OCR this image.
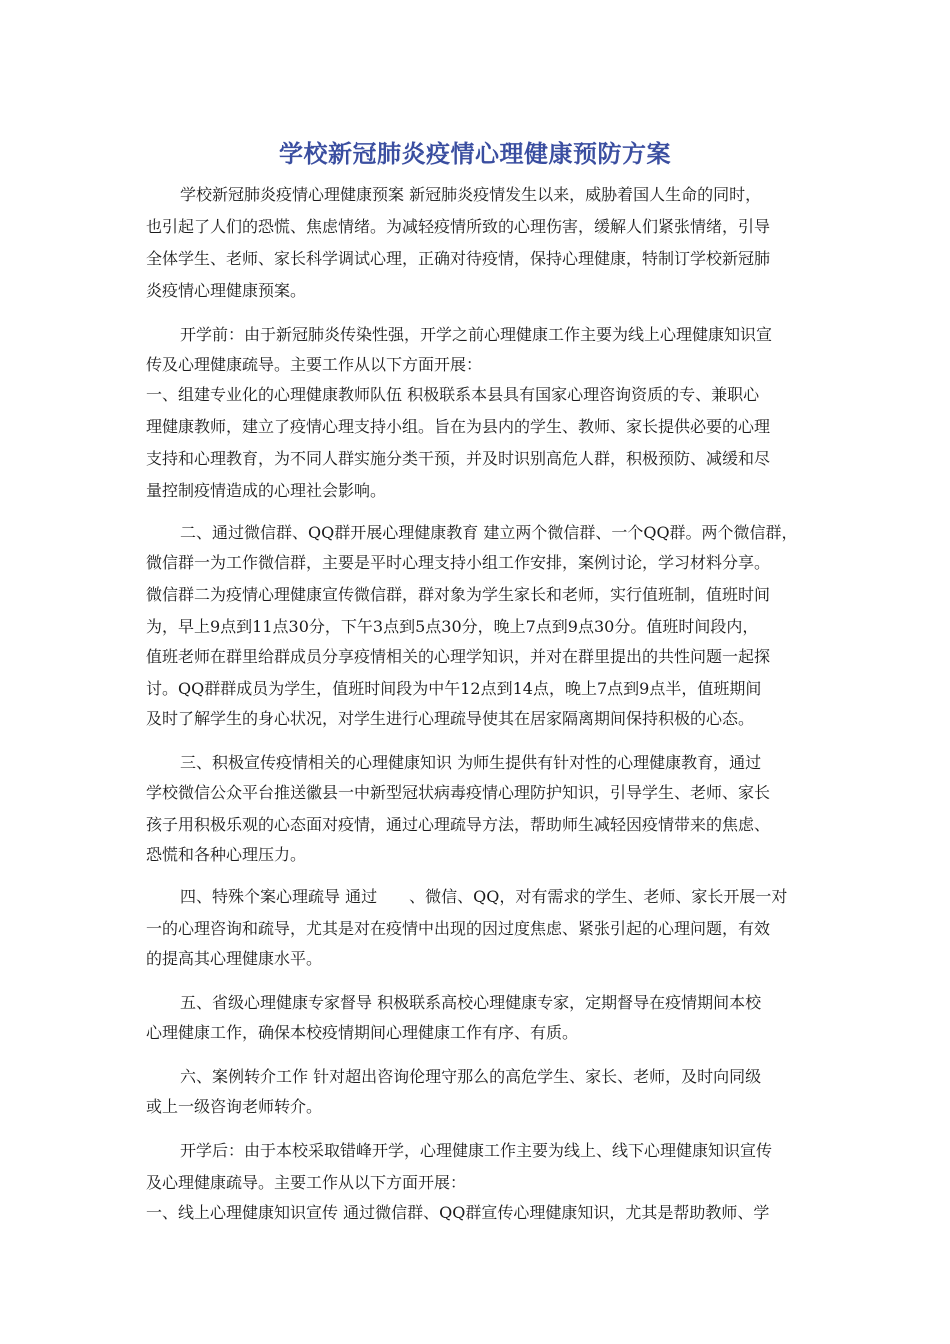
学校新冠肺炎疫情心理健康预防方案
学校新冠肺炎疫情心理健康预案 新冠肺炎疫情发生以来，威胁着国人生命的同时，
也引起了人们的恐慌、焦虑情绪。为减轻疫情所致的心理伤害，缓解人们紧张情绪，引导
全体学生、老师、家长科学调试心理，正确对待疫情，保持心理健康，特制订学校新冠肺
炎疫情心理健康预案。
开学前：由于新冠肺炎传染性强，开学之前心理健康工作主要为线上心理健康知识宣
传及心理健康疏导。主要工作从以下方面开展：
一、组建专业化的心理健康教师队伍 积极联系本县具有国家心理咨询资质的专、兼职心
理健康教师，建立了疫情心理支持小组。旨在为县内的学生、教师、家长提供必要的心理
支持和心理教育，为不同人群实施分类干预，并及时识别高危人群，积极预防、减缓和尽
量控制疫情造成的心理社会影响。
二、通过微信群、QQ群开展心理健康教育 建立两个微信群、一个QQ群。两个微信群，
微信群一为工作微信群，主要是平时心理支持小组工作安排，案例讨论，学习材料分享。
微信群二为疫情心理健康宣传微信群，群对象为学生家长和老师，实行值班制，值班时间
为，早上9点到11点30分，下午3点到5点30分，晚上7点到9点30分。值班时间段内，
值班老师在群里给群成员分享疫情相关的心理学知识，并对在群里提出的共性问题一起探
讨。QQ群群成员为学生，值班时间段为中午12点到14点，晚上7点到9点半，值班期间
及时了解学生的身心状况，对学生进行心理疏导使其在居家隔离期间保持积极的心态。
三、积极宣传疫情相关的心理健康知识 为师生提供有针对性的心理健康教育，通过
学校微信公众平台推送徽县一中新型冠状病毒疫情心理防护知识，引导学生、老师、家长
孩子用积极乐观的心态面对疫情，通过心理疏导方法，帮助师生减轻因疫情带来的焦虑、
恐慌和各种心理压力。
四、特殊个案心理疏导 通过　　、微信、QQ，对有需求的学生、老师、家长开展一对
一的心理咨询和疏导，尤其是对在疫情中出现的因过度焦虑、紧张引起的心理问题，有效
的提高其心理健康水平。
五、省级心理健康专家督导 积极联系高校心理健康专家，定期督导在疫情期间本校
心理健康工作，确保本校疫情期间心理健康工作有序、有质。
六、案例转介工作 针对超出咨询伦理守那么的高危学生、家长、老师，及时向同级
或上一级咨询老师转介。
开学后：由于本校采取错峰开学，心理健康工作主要为线上、线下心理健康知识宣传
及心理健康疏导。主要工作从以下方面开展：
一、线上心理健康知识宣传 通过微信群、QQ群宣传心理健康知识，尤其是帮助教师、学
